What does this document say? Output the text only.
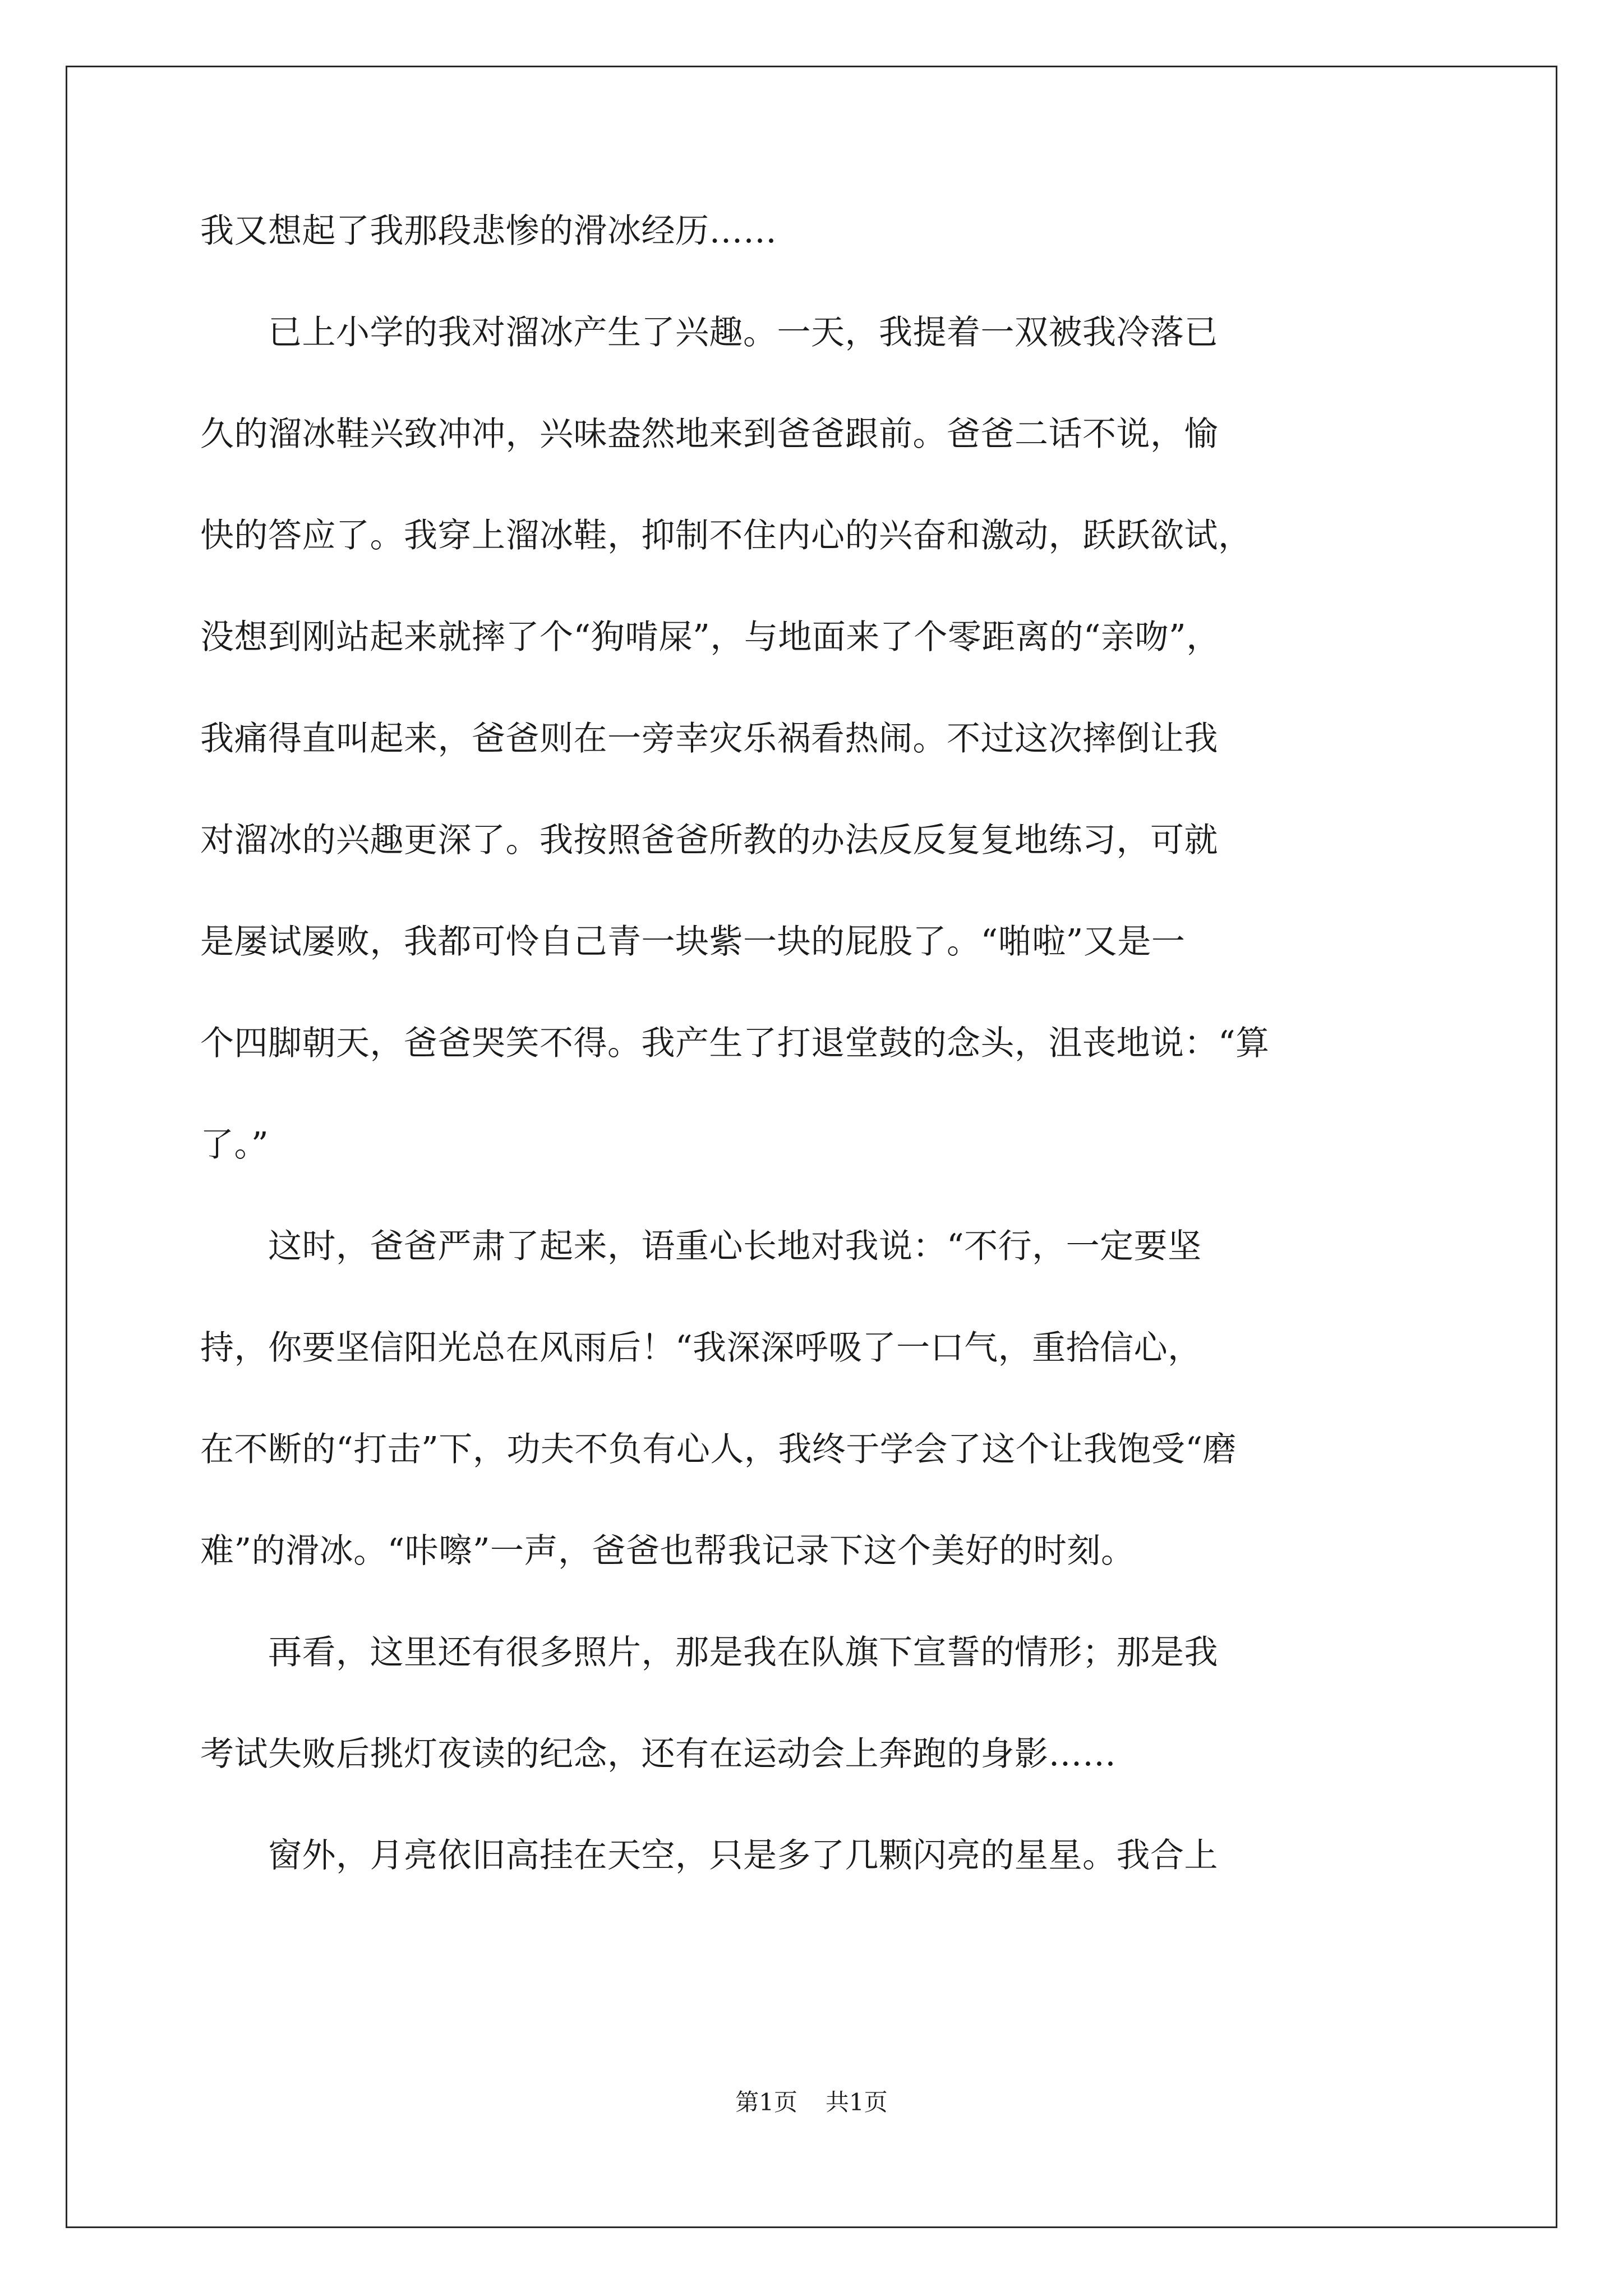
我又想起了我那段悲惨的滑冰经历……
　　已上小学的我对溜冰产生了兴趣。一天，我提着一双被我冷落已
久的溜冰鞋兴致冲冲，兴味盎然地来到爸爸跟前。爸爸二话不说，愉
快的答应了。我穿上溜冰鞋，抑制不住内心的兴奋和激动，跃跃欲试，
没想到刚站起来就摔了个“狗啃屎”，与地面来了个零距离的“亲吻”，
我痛得直叫起来，爸爸则在一旁幸灾乐祸看热闹。不过这次摔倒让我
对溜冰的兴趣更深了。我按照爸爸所教的办法反反复复地练习，可就
是屡试屡败，我都可怜自己青一块紫一块的屁股了。“啪啦”又是一
个四脚朝天，爸爸哭笑不得。我产生了打退堂鼓的念头，沮丧地说：“算
了。”
　　这时，爸爸严肃了起来，语重心长地对我说：“不行，一定要坚
持，你要坚信阳光总在风雨后！“我深深呼吸了一口气，重拾信心，
在不断的“打击”下，功夫不负有心人，我终于学会了这个让我饱受“磨
难”的滑冰。“咔嚓”一声，爸爸也帮我记录下这个美好的时刻。
　　再看，这里还有很多照片，那是我在队旗下宣誓的情形；那是我
考试失败后挑灯夜读的纪念，还有在运动会上奔跑的身影……
　　窗外，月亮依旧高挂在天空，只是多了几颗闪亮的星星。我合上
第1页 共1页
